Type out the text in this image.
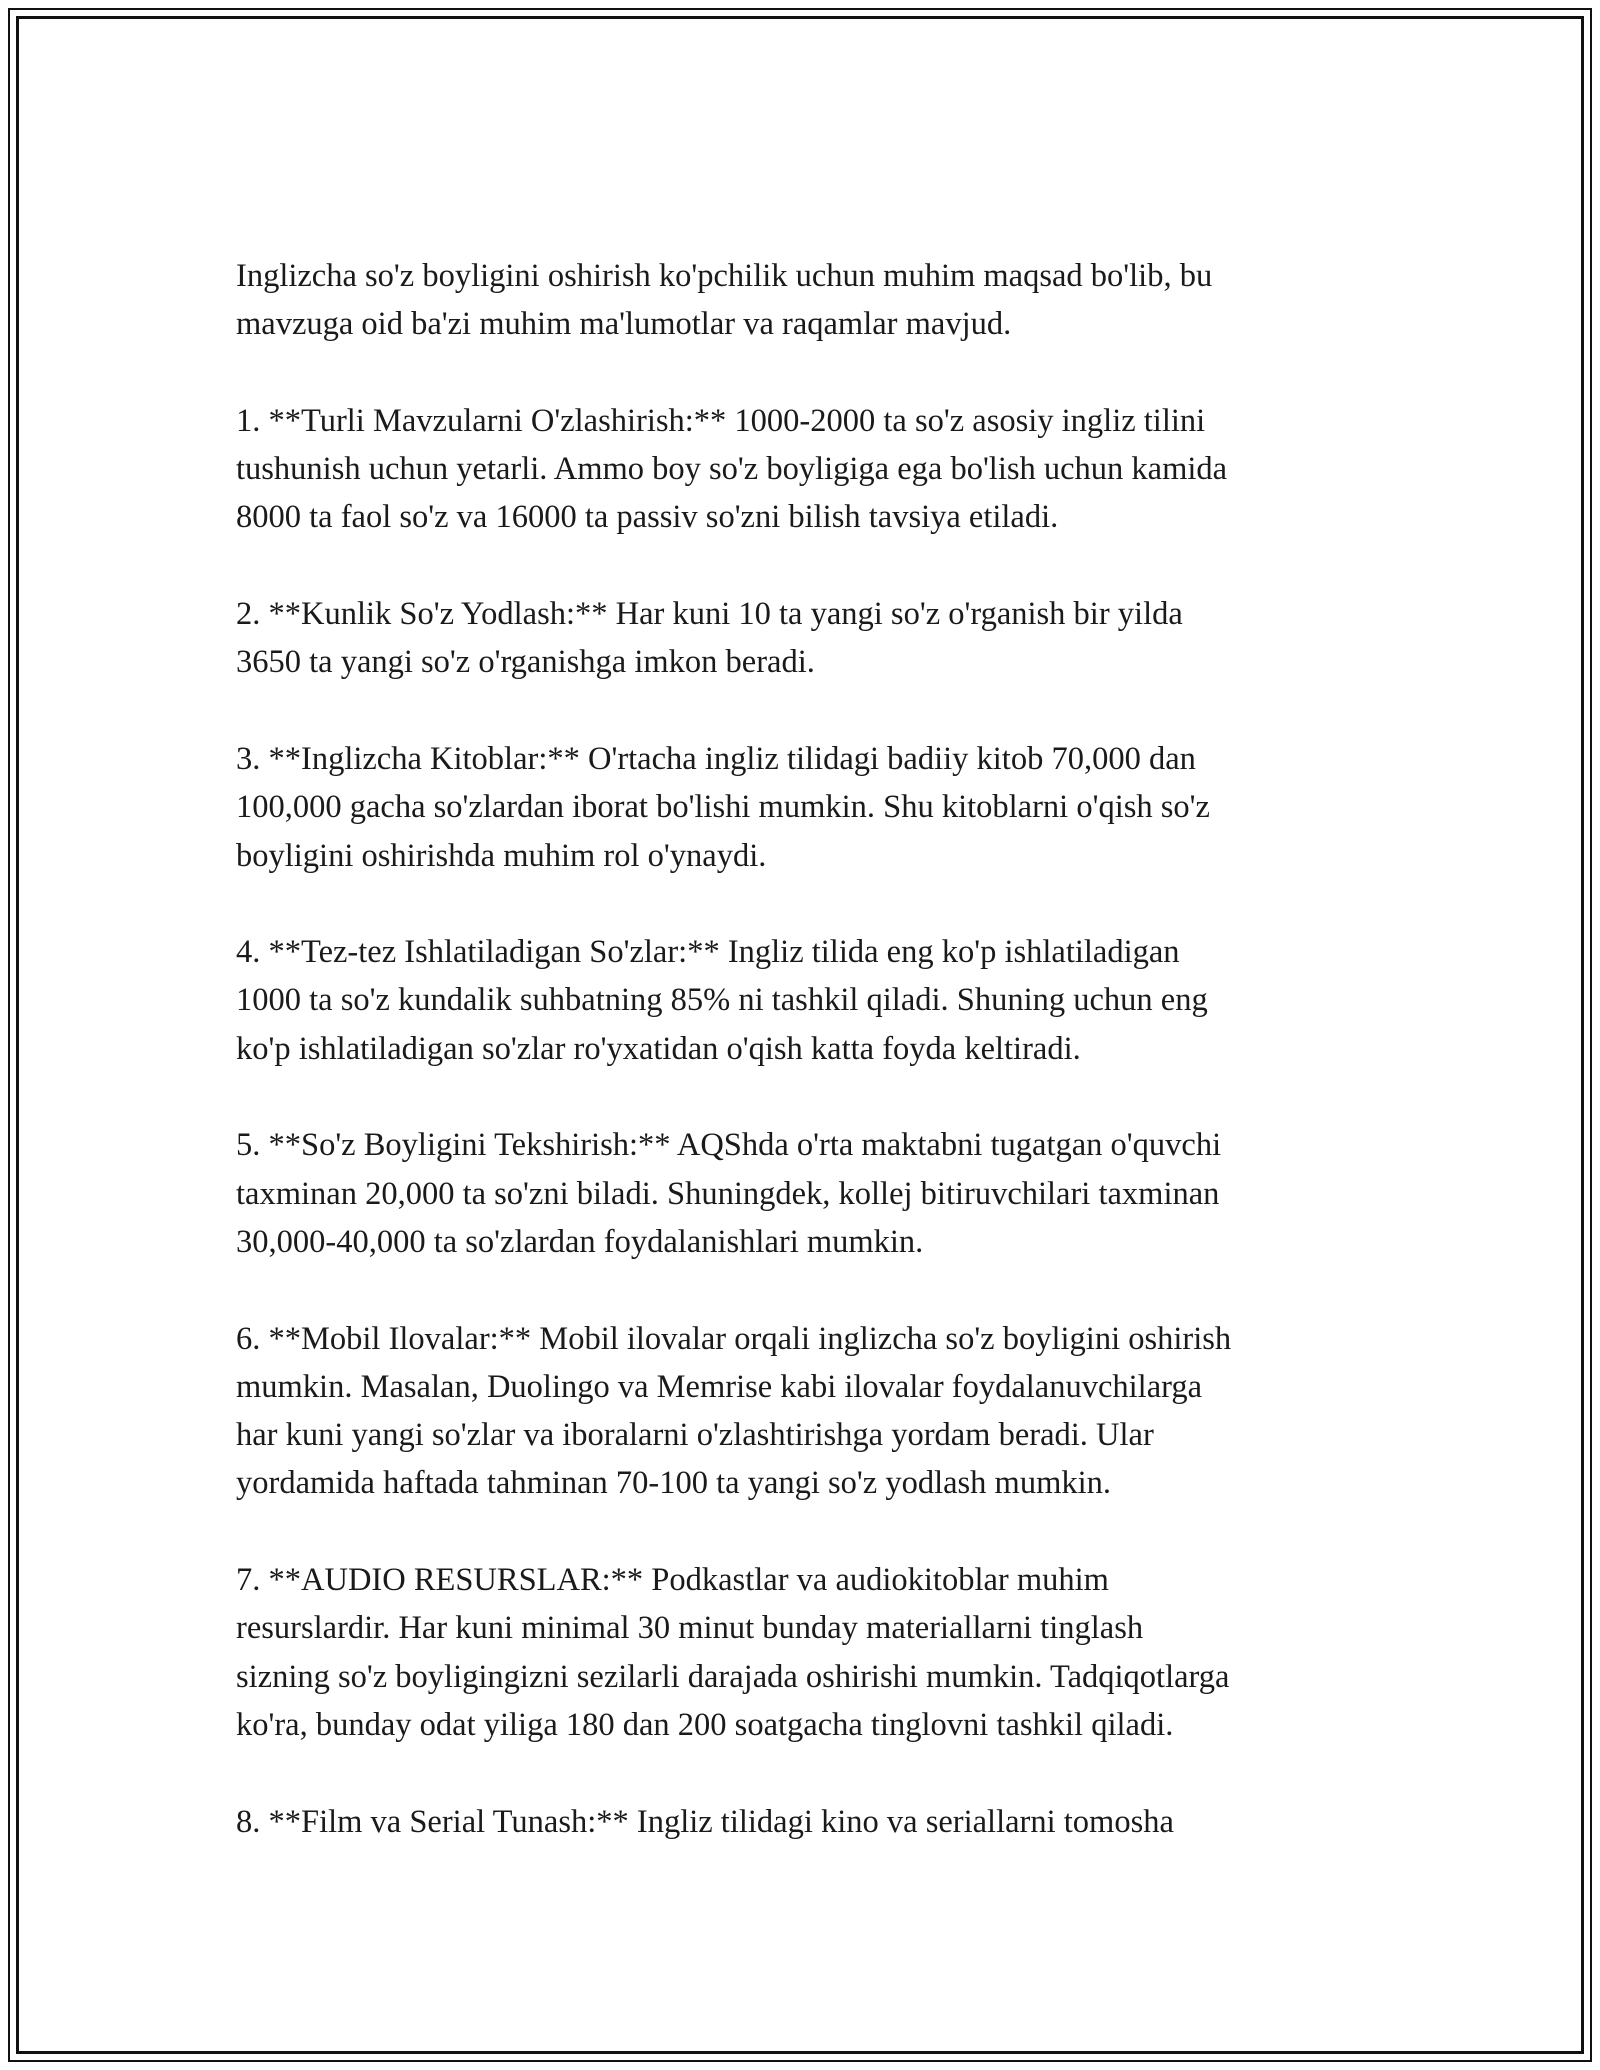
Inglizcha so'z boyligini oshirish ko'pchilik uchun muhim maqsad bo'lib, bu
mavzuga oid ba'zi muhim ma'lumotlar va raqamlar mavjud.

1. **Turli Mavzularni O'zlashirish:** 1000-2000 ta so'z asosiy ingliz tilini
tushunish uchun yetarli. Ammo boy so'z boyligiga ega bo'lish uchun kamida
8000 ta faol so'z va 16000 ta passiv so'zni bilish tavsiya etiladi.

2. **Kunlik So'z Yodlash:** Har kuni 10 ta yangi so'z o'rganish bir yilda
3650 ta yangi so'z o'rganishga imkon beradi.

3. **Inglizcha Kitoblar:** O'rtacha ingliz tilidagi badiiy kitob 70,000 dan
100,000 gacha so'zlardan iborat bo'lishi mumkin. Shu kitoblarni o'qish so'z
boyligini oshirishda muhim rol o'ynaydi.

4. **Tez-tez Ishlatiladigan So'zlar:** Ingliz tilida eng ko'p ishlatiladigan
1000 ta so'z kundalik suhbatning 85% ni tashkil qiladi. Shuning uchun eng
ko'p ishlatiladigan so'zlar ro'yxatidan o'qish katta foyda keltiradi.

5. **So'z Boyligini Tekshirish:** AQShda o'rta maktabni tugatgan o'quvchi
taxminan 20,000 ta so'zni biladi. Shuningdek, kollej bitiruvchilari taxminan
30,000-40,000 ta so'zlardan foydalanishlari mumkin.

6. **Mobil Ilovalar:** Mobil ilovalar orqali inglizcha so'z boyligini oshirish
mumkin. Masalan, Duolingo va Memrise kabi ilovalar foydalanuvchilarga
har kuni yangi so'zlar va iboralarni o'zlashtirishga yordam beradi. Ular
yordamida haftada tahminan 70-100 ta yangi so'z yodlash mumkin.

7. **AUDIO RESURSLAR:** Podkastlar va audiokitoblar muhim
resurslardir. Har kuni minimal 30 minut bunday materiallarni tinglash
sizning so'z boyligingizni sezilarli darajada oshirishi mumkin. Tadqiqotlarga
ko'ra, bunday odat yiliga 180 dan 200 soatgacha tinglovni tashkil qiladi.

8. **Film va Serial Tunash:** Ingliz tilidagi kino va seriallarni tomosha
